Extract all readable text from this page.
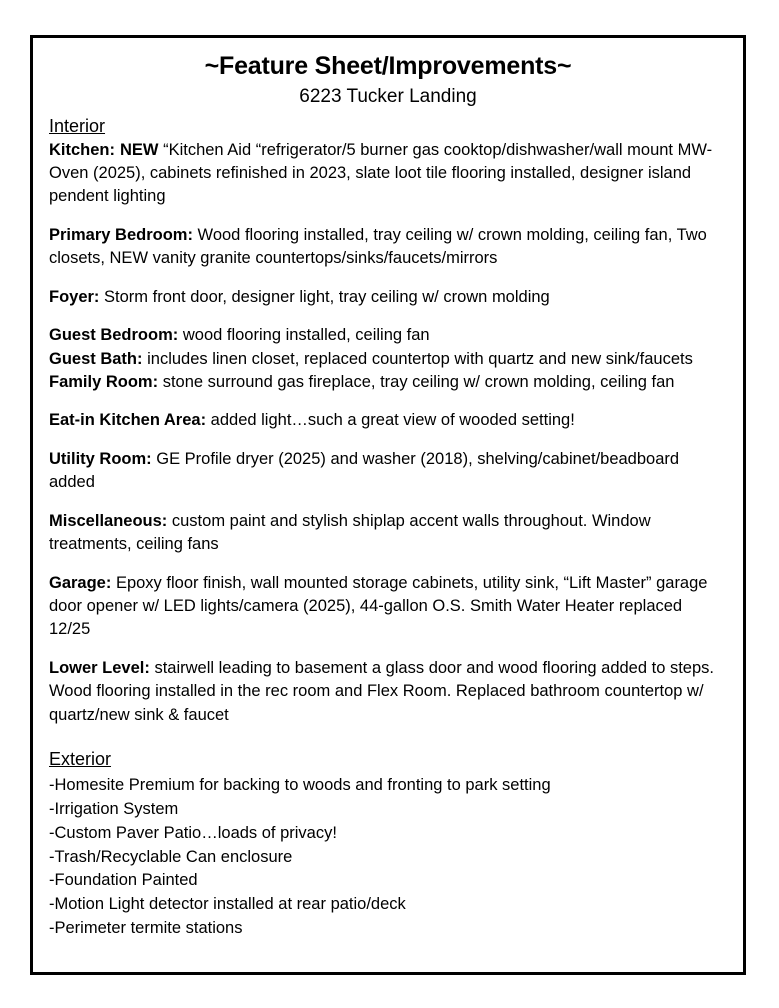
~Feature Sheet/Improvements~
6223 Tucker Landing
Interior

Kitchen: NEW “Kitchen Aid “refrigerator/5 burner gas cooktop/dishwasher/wall mount MW-Oven (2025), cabinets refinished in 2023, slate loot tile flooring installed, designer island pendent lighting

Primary Bedroom: Wood flooring installed, tray ceiling w/ crown molding, ceiling fan, Two closets, NEW vanity granite countertops/sinks/faucets/mirrors

Foyer: Storm front door, designer light, tray ceiling w/ crown molding

Guest Bedroom: wood flooring installed, ceiling fan

Guest Bath: includes linen closet, replaced countertop with quartz and new sink/faucets

Family Room: stone surround gas fireplace, tray ceiling w/ crown molding, ceiling fan

Eat-in Kitchen Area: added light…such a great view of wooded setting!

Utility Room: GE Profile dryer (2025) and washer (2018), shelving/cabinet/beadboard added

Miscellaneous: custom paint and stylish shiplap accent walls throughout. Window treatments, ceiling fans

Garage: Epoxy floor finish, wall mounted storage cabinets, utility sink, “Lift Master” garage door opener w/ LED lights/camera (2025), 44-gallon O.S. Smith Water Heater replaced 12/25

Lower Level: stairwell leading to basement a glass door and wood flooring added to steps. Wood flooring installed in the rec room and Flex Room. Replaced bathroom countertop w/ quartz/new sink & faucet

Exterior
-Homesite Premium for backing to woods and fronting to park setting
-Irrigation System
-Custom Paver Patio…loads of privacy!
-Trash/Recyclable Can enclosure
-Foundation Painted
-Motion Light detector installed at rear patio/deck
-Perimeter termite stations
